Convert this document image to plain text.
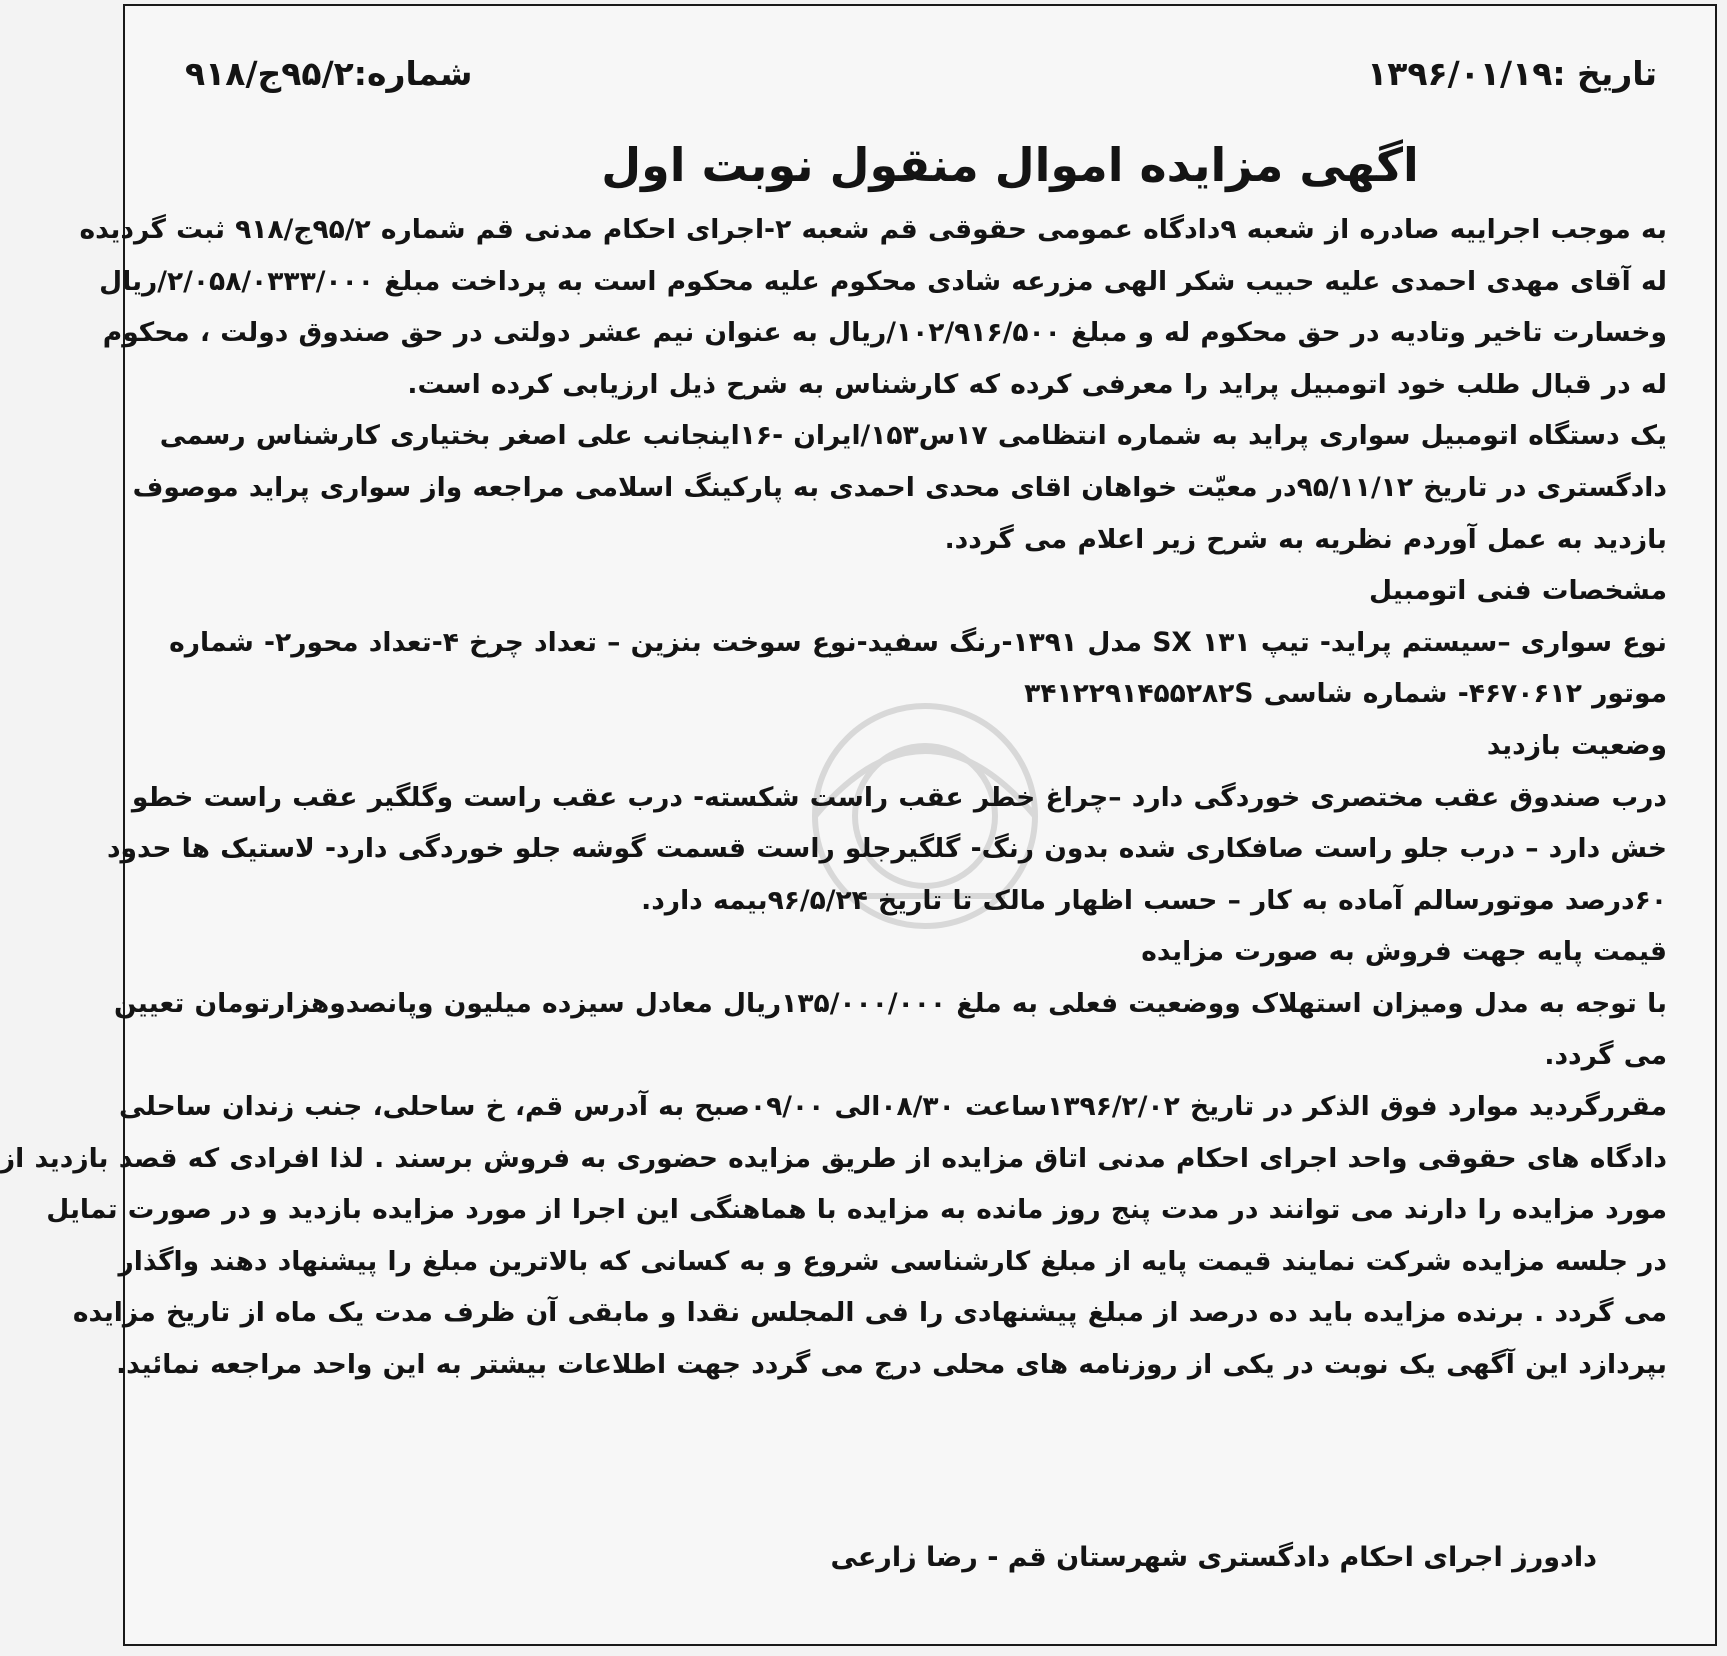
تاریخ :۱۳۹۶/۰۱/۱۹
شماره:۹۵/۲ج/۹۱۸
اگهی مزایده اموال منقول نوبت اول

به موجب اجراییه صادره از شعبه ۹دادگاه عمومی حقوقی قم شعبه ۲-اجرای احکام مدنی قم شماره ۹۵/۲ج/۹۱۸ ثبت گردیده
له آقای مهدی احمدی علیه حبیب شکر الهی مزرعه شادی محکوم علیه محکوم است به پرداخت مبلغ ۲/۰۵۸/۰۳۳۳/۰۰۰/ریال
وخسارت تاخیر وتادیه در حق محکوم له و مبلغ ۱۰۲/۹۱۶/۵۰۰/ریال به عنوان نیم عشر دولتی در حق صندوق دولت ، محکوم
له در قبال طلب خود اتومبیل پراید را معرفی کرده که کارشناس به شرح ذیل ارزیابی کرده است.

یک دستگاه اتومبیل سواری پراید به شماره انتظامی ۱۷س۱۵۳/ایران -۱۶اینجانب علی اصغر بختیاری کارشناس رسمی
دادگستری در تاریخ ۹۵/۱۱/۱۲در معیّت خواهان اقای محدی احمدی به پارکینگ اسلامی مراجعه واز سواری پراید موصوف
بازدید به عمل آوردم نظریه به شرح زیر اعلام می گردد.

مشخصات فنی اتومبیل

نوع سواری –سیستم پراید- تیپ SX ۱۳۱ مدل ۱۳۹۱-رنگ سفید-نوع سوخت بنزین – تعداد چرخ ۴-تعداد محور۲- شماره
موتور ۴۶۷۰۶۱۲- شماره شاسی ۳۴۱۲۲۹۱۴۵۵۲۸۲S

وضعیت بازدید

درب صندوق عقب مختصری خوردگی دارد –چراغ خطر عقب راست شکسته- درب عقب راست وگلگیر عقب راست خطو
خش دارد – درب جلو راست صافکاری شده بدون رنگ- گلگیرجلو راست قسمت گوشه جلو خوردگی دارد- لاستیک ها حدود
۶۰درصد موتورسالم آماده به کار – حسب اظهار مالک تا تاریخ ۹۶/۵/۲۴بیمه دارد.

قیمت پایه جهت فروش به صورت مزایده

با توجه به مدل ومیزان استهلاک ووضعیت فعلی به ملغ ۱۳۵/۰۰۰/۰۰۰ریال معادل سیزده میلیون وپانصدوهزارتومان تعیین
می گردد.

مقررگردید موارد فوق الذکر در تاریخ ۱۳۹۶/۲/۰۲ساعت ۰۸/۳۰الی ۰۹/۰۰صبح به آدرس قم، خ ساحلی، جنب زندان ساحلی
دادگاه های حقوقی واحد اجرای احکام مدنی اتاق مزایده از طریق مزایده حضوری به فروش برسند . لذا افرادی که قصد بازدید از
مورد مزایده را دارند می توانند در مدت پنج روز مانده به مزایده با هماهنگی این اجرا از مورد مزایده بازدید و در صورت تمایل
در جلسه مزایده شرکت نمایند قیمت پایه از مبلغ کارشناسی شروع و به کسانی که بالاترین مبلغ را پیشنهاد دهند واگذار
می گردد . برنده مزایده باید ده درصد از مبلغ پیشنهادی را فی المجلس نقدا و مابقی آن ظرف مدت یک ماه از تاریخ مزایده
بپردازد این آگهی یک نوبت در یکی از روزنامه های محلی درج می گردد جهت اطلاعات بیشتر به این واحد مراجعه نمائید.

دادورز اجرای احکام دادگستری شهرستان قم - رضا زارعی
